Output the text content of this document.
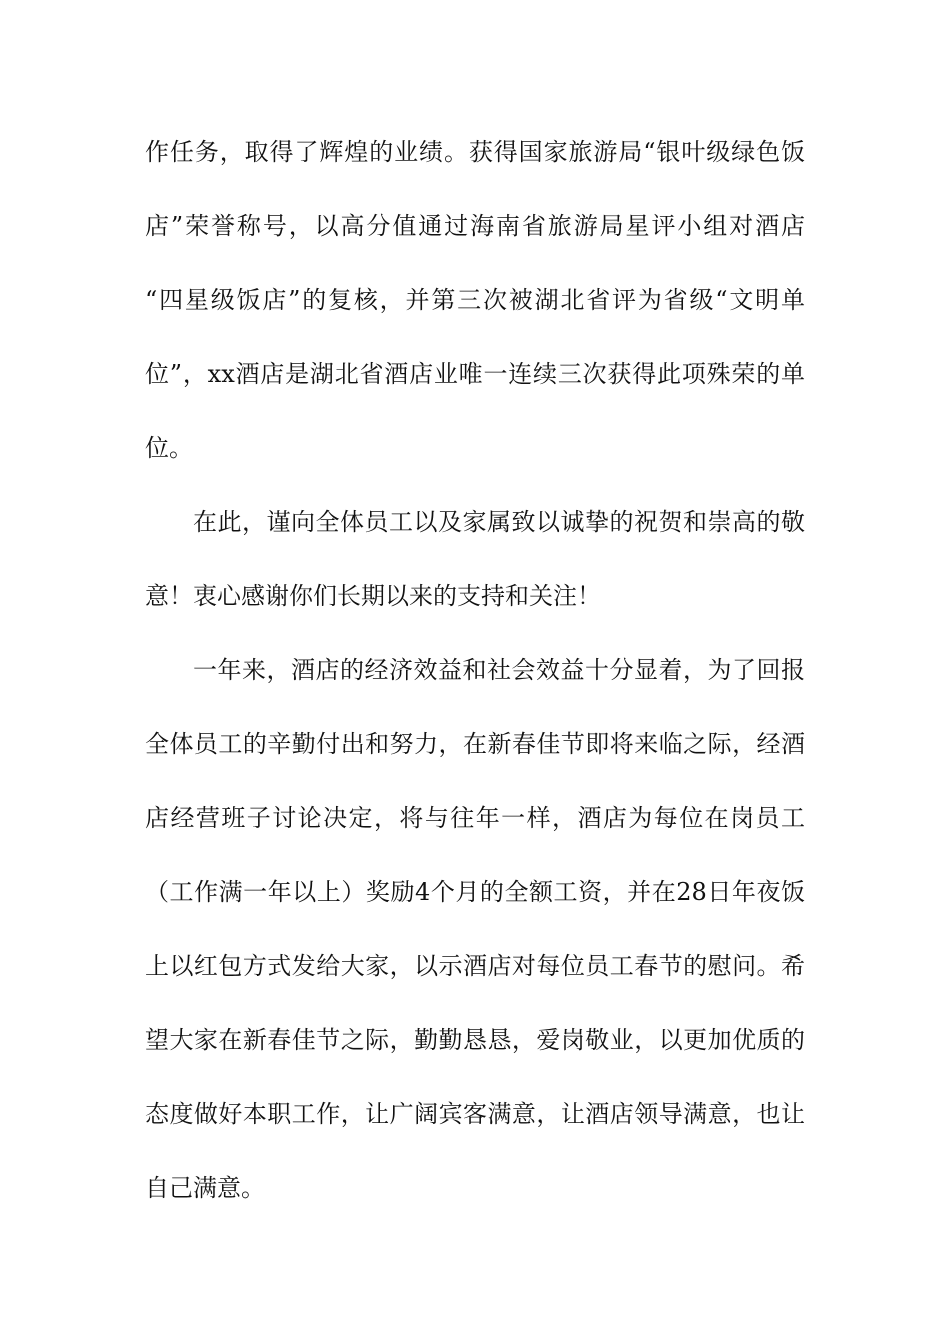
作任务，取得了辉煌的业绩。获得国家旅游局“银叶级绿色饭
店”荣誉称号，以高分值通过海南省旅游局星评小组对酒店
“四星级饭店”的复核，并第三次被湖北省评为省级“文明单
位”，xx酒店是湖北省酒店业唯一连续三次获得此项殊荣的单
位。
在此，谨向全体员工以及家属致以诚挚的祝贺和崇高的敬
意！衷心感谢你们长期以来的支持和关注！
一年来，酒店的经济效益和社会效益十分显着，为了回报
全体员工的辛勤付出和努力，在新春佳节即将来临之际，经酒
店经营班子讨论决定，将与往年一样，酒店为每位在岗员工
（工作满一年以上）奖励4个月的全额工资，并在28日年夜饭
上以红包方式发给大家，以示酒店对每位员工春节的慰问。希
望大家在新春佳节之际，勤勤恳恳，爱岗敬业，以更加优质的
态度做好本职工作，让广阔宾客满意，让酒店领导满意，也让
自己满意。
